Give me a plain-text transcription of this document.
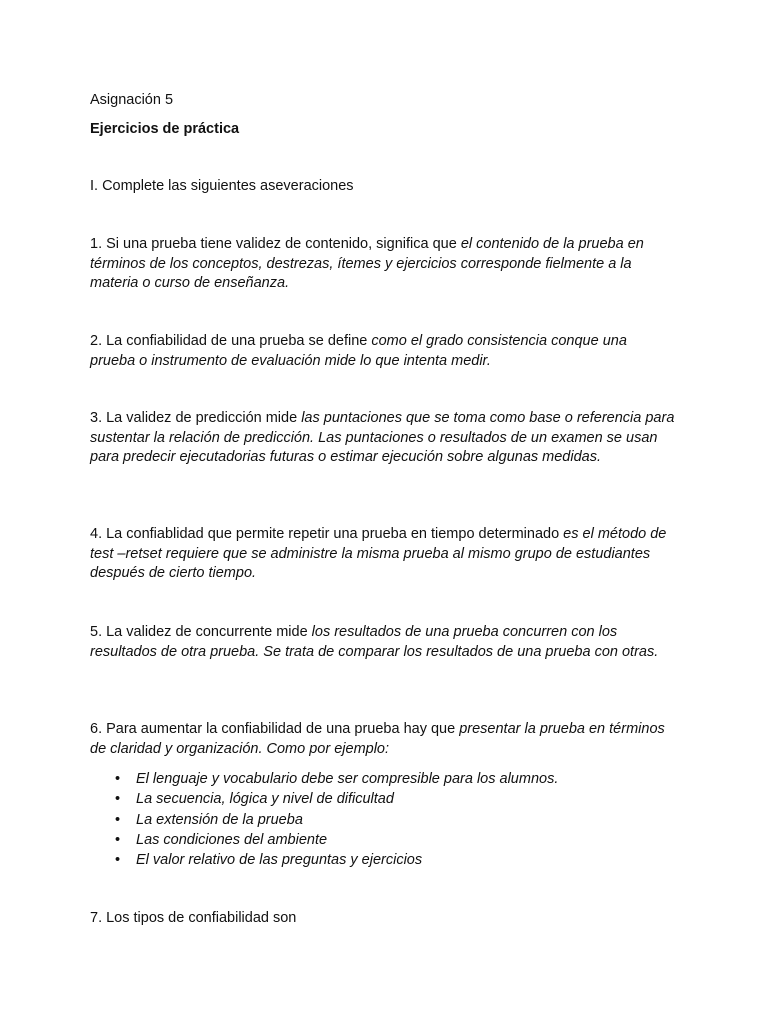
Asignación 5

Ejercicios de práctica

I. Complete las siguientes aseveraciones

1. Si una prueba tiene validez de contenido, significa que el contenido de la prueba en términos de los conceptos, destrezas, ítemes y ejercicios corresponde fielmente a la materia o curso de enseñanza.

2. La confiabilidad de una prueba se define como el grado consistencia conque una prueba o instrumento de evaluación mide lo que intenta medir.

3. La validez de predicción mide las puntaciones que se toma como base o referencia para sustentar la relación de predicción. Las puntaciones o resultados de un examen se usan para predecir ejecutadorias futuras o estimar ejecución sobre algunas medidas.

4. La confiablidad que permite repetir una prueba en tiempo determinado es el método de test –retset requiere que se administre la misma prueba al mismo grupo de estudiantes después de cierto tiempo.

5. La validez de concurrente mide los resultados de una prueba concurren con los resultados de otra prueba. Se trata de comparar los resultados de una prueba con otras.

6. Para aumentar la confiabilidad de una prueba hay que presentar la prueba en términos de claridad y organización. Como por ejemplo:

• El lenguaje y vocabulario debe ser compresible para los alumnos.
• La secuencia, lógica y nivel de dificultad
• La extensión de la prueba
• Las condiciones del ambiente
• El valor relativo de las preguntas y ejercicios

7. Los tipos de confiabilidad son
